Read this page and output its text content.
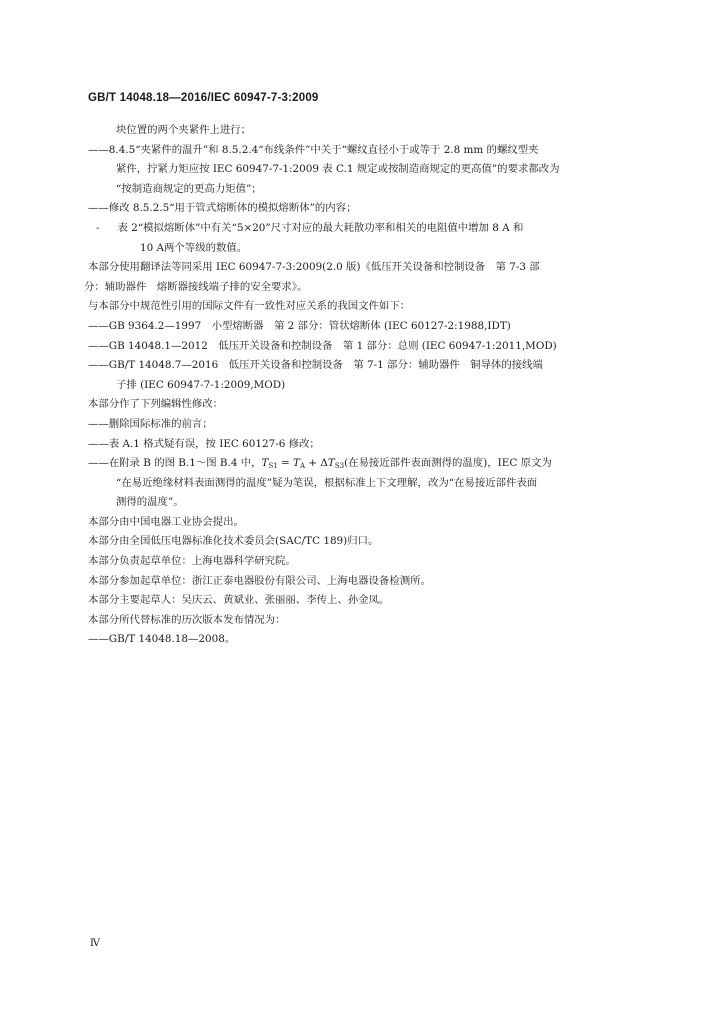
GB/T 14048.18—2016/IEC 60947-7-3:2009
块位置的两个夹紧件上进行；
——8.4.5“夹紧件的温升”和 8.5.2.4“布线条件”中关于“螺纹直径小于或等于 2.8 mm 的螺纹型夹
紧件，拧紧力矩应按 IEC 60947-7-1:2009 表 C.1 规定或按制造商规定的更高值”的要求都改为
“按制造商规定的更高力矩值”；
——修改 8.5.2.5“用于管式熔断体的模拟熔断体”的内容；
- 表 2“模拟熔断体”中有关“5×20”尺寸对应的最大耗散功率和相关的电阻值中增加 8 A 和
10 A两个等级的数值。
本部分使用翻译法等同采用 IEC 60947-7-3:2009(2.0 版)《低压开关设备和控制设备　第 7-3 部
分：辅助器件　熔断器接线端子排的安全要求》。
与本部分中规范性引用的国际文件有一致性对应关系的我国文件如下：
——GB 9364.2—1997　小型熔断器　第 2 部分：管状熔断体 (IEC 60127-2:1988,IDT)
——GB 14048.1—2012　低压开关设备和控制设备　第 1 部分：总则 (IEC 60947-1:2011,MOD)
——GB/T 14048.7—2016　低压开关设备和控制设备　第 7-1 部分：辅助器件　铜导体的接线端
子排 (IEC 60947-7-1:2009,MOD)
本部分作了下列编辑性修改：
——删除国际标准的前言；
——表 A.1 格式疑有误，按 IEC 60127-6 修改；
——在附录 B 的图 B.1～图 B.4 中，$T_{S1} = T_A + \Delta T_{S3}$(在易接近部件表面测得的温度)，IEC 原文为
“在易近绝缘材料表面测得的温度”疑为笔误，根据标准上下文理解，改为“在易接近部件表面
测得的温度”。
本部分由中国电器工业协会提出。
本部分由全国低压电器标准化技术委员会(SAC/TC 189)归口。
本部分负责起草单位：上海电器科学研究院。
本部分参加起草单位：浙江正泰电器股份有限公司、上海电器设备检测所。
本部分主要起草人：吴庆云、黄斌业、张丽丽、李传上、孙金凤。
本部分所代替标准的历次版本发布情况为：
——GB/T 14048.18—2008。
Ⅳ
